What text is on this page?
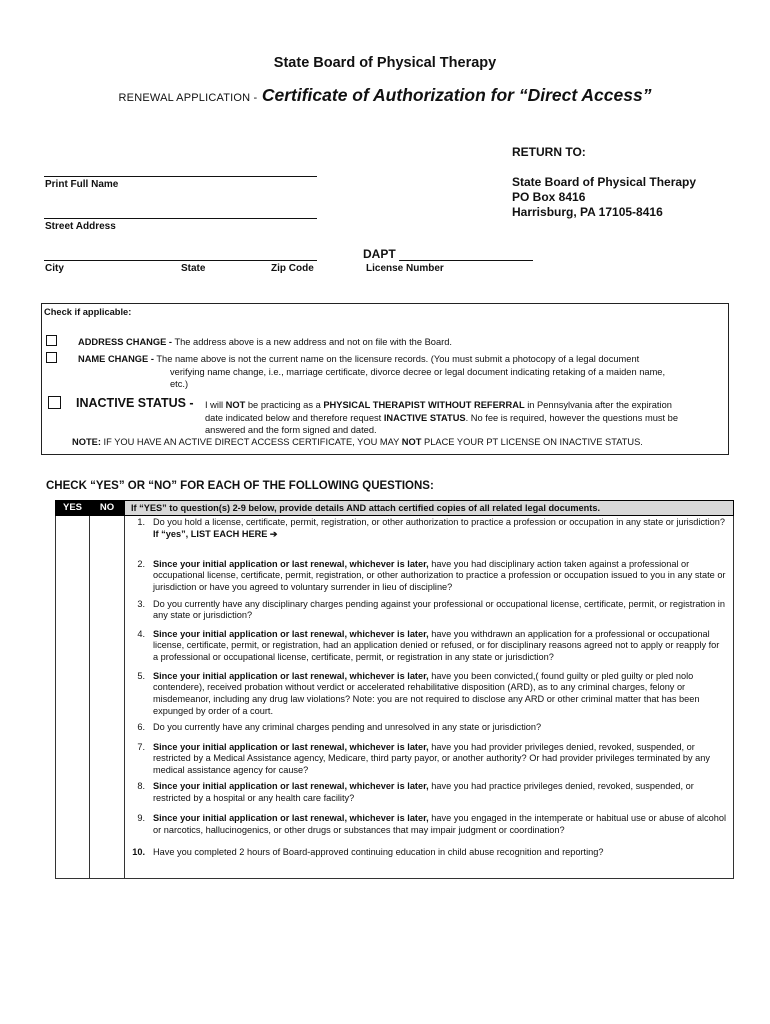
State Board of Physical Therapy
RENEWAL APPLICATION - Certificate of Authorization for “Direct Access”
Print Full Name
Street Address
City	State	Zip Code
DAPT
License Number
RETURN TO:
State Board of Physical Therapy
PO Box 8416
Harrisburg, PA 17105-8416
Check if applicable:
ADDRESS CHANGE - The address above is a new address and not on file with the Board.
NAME CHANGE - The name above is not the current name on the licensure records. (You must submit a photocopy of a legal document
verifying name change, i.e., marriage certificate, divorce decree or legal document indicating retaking of a maiden name,
etc.)
INACTIVE STATUS - I will NOT be practicing as a PHYSICAL THERAPIST WITHOUT REFERRAL in Pennsylvania after the expiration
date indicated below and therefore request INACTIVE STATUS. No fee is required, however the questions must be
answered and the form signed and dated.
NOTE: IF YOU HAVE AN ACTIVE DIRECT ACCESS CERTIFICATE, YOU MAY NOT PLACE YOUR PT LICENSE ON INACTIVE STATUS.
CHECK “YES” OR “NO” FOR EACH OF THE FOLLOWING QUESTIONS:
YES	NO	If “YES” to question(s) 2-9 below, provide details AND attach certified copies of all related legal documents.

		1. Do you hold a license, certificate, permit, registration, or other authorization to practice a profession or occupation in any state or jurisdiction?
If “yes”, LIST EACH HERE ➔

		2. Since your initial application or last renewal, whichever is later, have you had disciplinary action taken against a professional or occupational license, certificate, permit, registration, or other authorization to practice a profession or occupation issued to you in any state or jurisdiction or have you agreed to voluntary surrender in lieu of discipline?

		3. Do you currently have any disciplinary charges pending against your professional or occupational license, certificate, permit, or registration in any state or jurisdiction?

		4. Since your initial application or last renewal, whichever is later, have you withdrawn an application for a professional or occupational license, certificate, permit, or registration, had an application denied or refused, or for disciplinary reasons agreed not to apply or reapply for a professional or occupational license, certificate, permit, or registration in any state or jurisdiction?

		5. Since your initial application or last renewal, whichever is later, have you been convicted,( found guilty or pled guilty or pled nolo contendere), received probation without verdict or accelerated rehabilitative disposition (ARD), as to any criminal charges, felony or misdemeanor, including any drug law violations? Note: you are not required to disclose any ARD or other criminal matter that has been expunged by order of a court.

		6. Do you currently have any criminal charges pending and unresolved in any state or jurisdiction?

		7. Since your initial application or last renewal, whichever is later, have you had provider privileges denied, revoked, suspended, or restricted by a Medical Assistance agency, Medicare, third party payor, or another authority? Or had provider privileges terminated by any medical assistance agency for cause?

		8. Since your initial application or last renewal, whichever is later, have you had practice privileges denied, revoked, suspended, or restricted by a hospital or any health care facility?

		9. Since your initial application or last renewal, whichever is later, have you engaged in the intemperate or habitual use or abuse of alcohol or narcotics, hallucinogenics, or other drugs or substances that may impair judgment or coordination?

		10. Have you completed 2 hours of Board-approved continuing education in child abuse recognition and reporting?
